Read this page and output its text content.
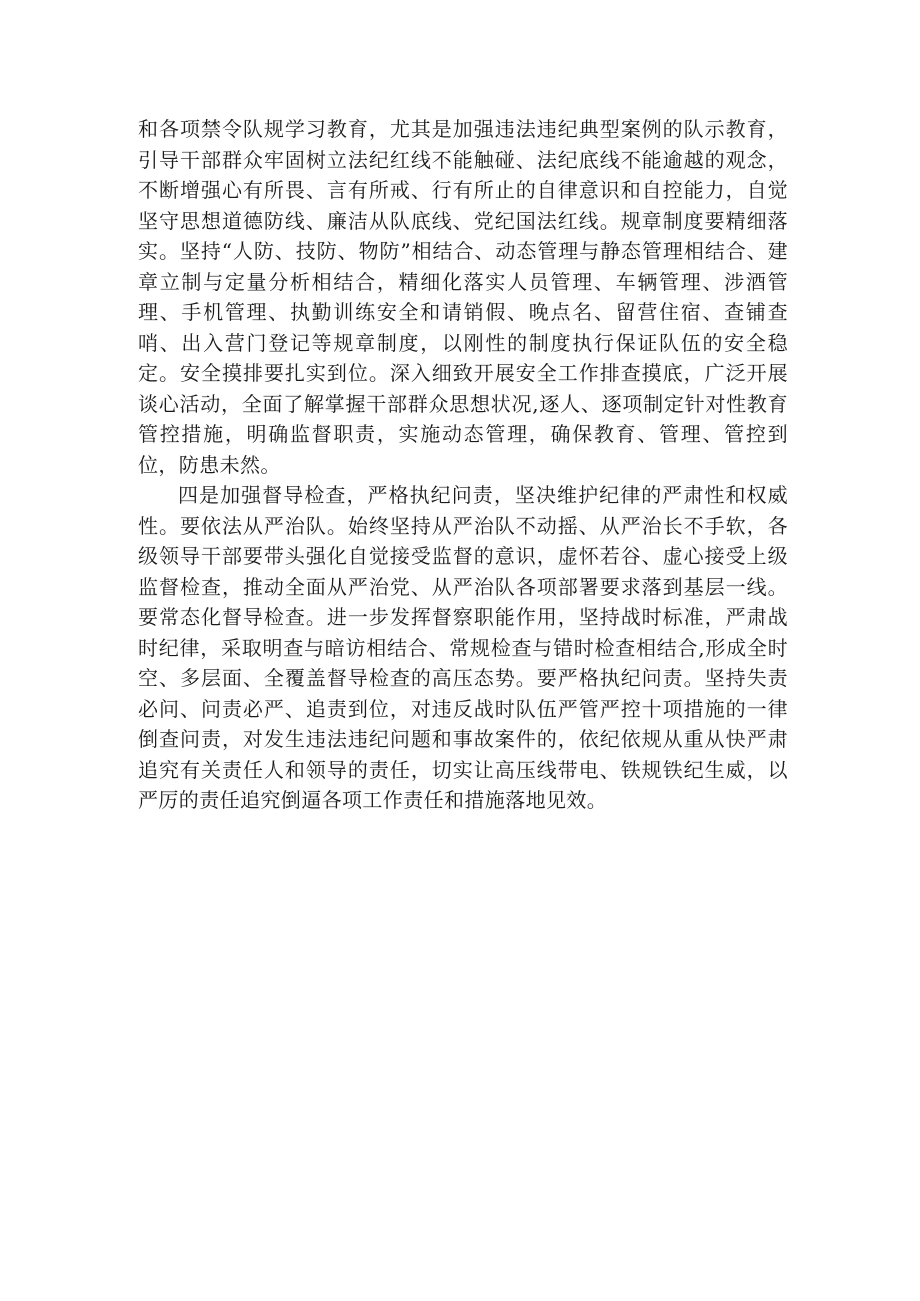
和各项禁令队规学习教育，尤其是加强违法违纪典型案例的队示教育，引导干部群众牢固树立法纪红线不能触碰、法纪底线不能逾越的观念，不断增强心有所畏、言有所戒、行有所止的自律意识和自控能力，自觉坚守思想道德防线、廉洁从队底线、党纪国法红线。规章制度要精细落实。坚持“人防、技防、物防”相结合、动态管理与静态管理相结合、建章立制与定量分析相结合，精细化落实人员管理、车辆管理、涉酒管理、手机管理、执勤训练安全和请销假、晚点名、留营住宿、查铺查哨、出入营门登记等规章制度，以刚性的制度执行保证队伍的安全稳定。安全摸排要扎实到位。深入细致开展安全工作排查摸底，广泛开展谈心活动，全面了解掌握干部群众思想状况,逐人、逐项制定针对性教育管控措施，明确监督职责，实施动态管理，确保教育、管理、管控到位，防患未然。

四是加强督导检查，严格执纪问责，坚决维护纪律的严肃性和权威性。要依法从严治队。始终坚持从严治队不动摇、从严治长不手软，各级领导干部要带头强化自觉接受监督的意识，虚怀若谷、虚心接受上级监督检查，推动全面从严治党、从严治队各项部署要求落到基层一线。要常态化督导检查。进一步发挥督察职能作用，坚持战时标准，严肃战时纪律，采取明查与暗访相结合、常规检查与错时检查相结合,形成全时空、多层面、全覆盖督导检查的高压态势。要严格执纪问责。坚持失责必问、问责必严、追责到位，对违反战时队伍严管严控十项措施的一律倒查问责，对发生违法违纪问题和事故案件的，依纪依规从重从快严肃追究有关责任人和领导的责任，切实让高压线带电、铁规铁纪生威，以严厉的责任追究倒逼各项工作责任和措施落地见效。
